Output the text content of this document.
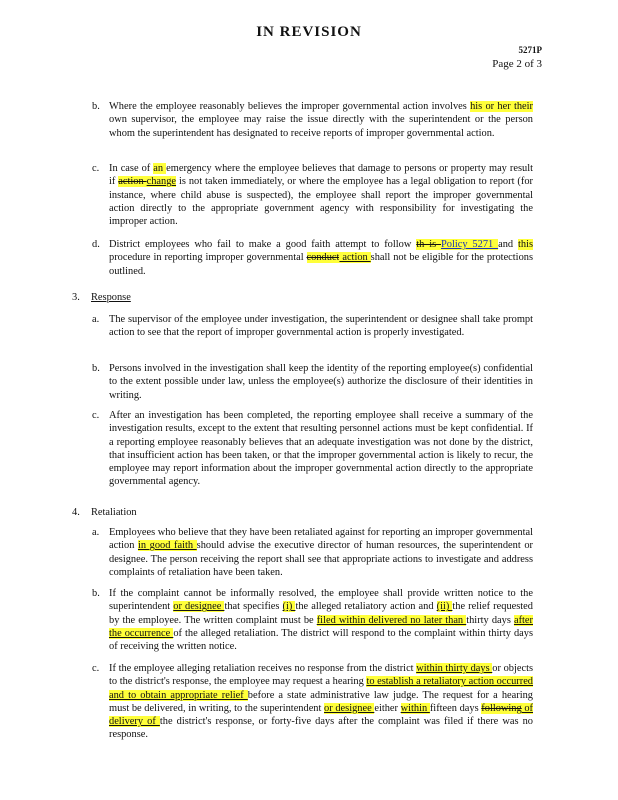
IN REVISION
5271P
Page 2 of 3
b. Where the employee reasonably believes the improper governmental action involves his or her their own supervisor, the employee may raise the issue directly with the superintendent or the person whom the superintendent has designated to receive reports of improper governmental action.
c. In case of an emergency where the employee believes that damage to persons or property may result if action change is not taken immediately, or where the employee has a legal obligation to report (for instance, where child abuse is suspected), the employee shall report the improper governmental action directly to the appropriate government agency with responsibility for investigating the improper action.
d. District employees who fail to make a good faith attempt to follow th is Policy 5271 and this procedure in reporting improper governmental conduct action shall not be eligible for the protections outlined.
3. Response
a. The supervisor of the employee under investigation, the superintendent or designee shall take prompt action to see that the report of improper governmental action is properly investigated.
b. Persons involved in the investigation shall keep the identity of the reporting employee(s) confidential to the extent possible under law, unless the employee(s) authorize the disclosure of their identities in writing.
c. After an investigation has been completed, the reporting employee shall receive a summary of the investigation results, except to the extent that resulting personnel actions must be kept confidential. If a reporting employee reasonably believes that an adequate investigation was not done by the district, that insufficient action has been taken, or that the improper governmental action is likely to recur, the employee may report information about the improper governmental action directly to the appropriate governmental agency.
4. Retaliation
a. Employees who believe that they have been retaliated against for reporting an improper governmental action in good faith should advise the executive director of human resources, the superintendent or designee. The person receiving the report shall see that appropriate actions to investigate and address complaints of retaliation have been taken.
b. If the complaint cannot be informally resolved, the employee shall provide written notice to the superintendent or designee that specifies (i) the alleged retaliatory action and (ii) the relief requested by the employee. The written complaint must be filed within delivered no later than thirty days after the occurrence of the alleged retaliation. The district will respond to the complaint within thirty days of receiving the written notice.
c. If the employee alleging retaliation receives no response from the district within thirty days or objects to the district's response, the employee may request a hearing to establish a retaliatory action occurred and to obtain appropriate relief before a state administrative law judge. The request for a hearing must be delivered, in writing, to the superintendent or designee either within fifteen days following of delivery of the district's response, or forty-five days after the complaint was filed if there was no response.
